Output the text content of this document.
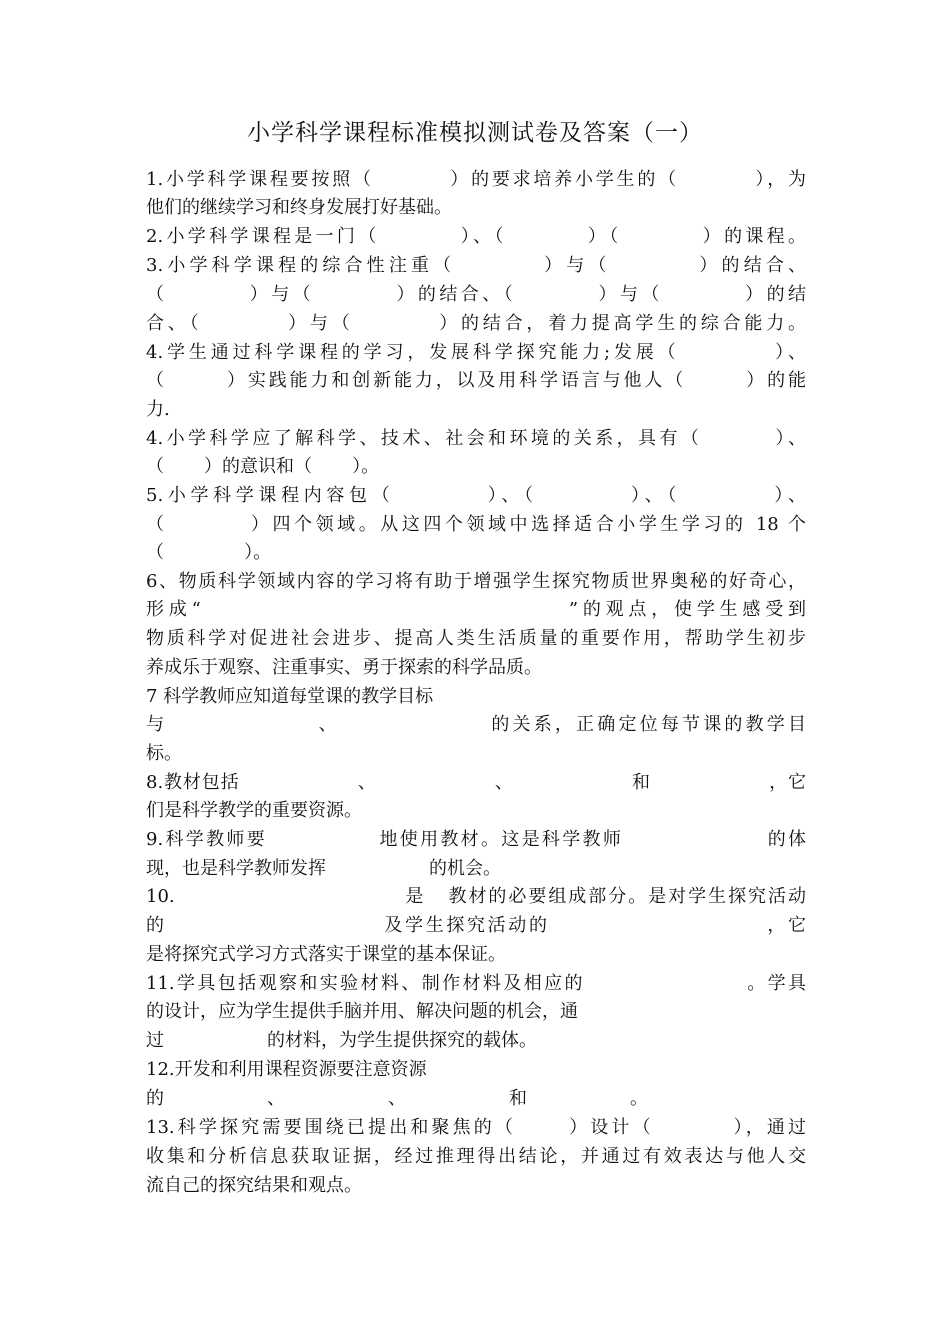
小学科学课程标准模拟测试卷及答案（一）
1.小学科学课程要按照（         ）的要求培养小学生的（         ），为
他们的继续学习和终身发展打好基础。
2.小学科学课程是一门（         ）、（         ）（         ）的课程。
3.小学科学课程的综合性注重（         ）与（         ）的结合、
（         ）与（         ）的结合、（         ）与（         ）的结
合、（         ）与（         ）的结合，着力提高学生的综合能力。
4.学生通过科学课程的学习，发展科学探究能力;发展（          ）、
（       ）实践能力和创新能力，以及用科学语言与他人（       ）的能
力.
4.小学科学应了解科学、技术、社会和环境的关系，具有（        ）、
（       ）的意识和（       ）。
5.小学科学课程内容包（         ）、（         ）、（         ）、
（         ）四个领域。从这四个领域中选择适合小学生学习的 18 个
（              ）。
6、物质科学领域内容的学习将有助于增强学生探究物质世界奥秘的好奇心，
形成“                                   ”的观点，使学生感受到
物质科学对促进社会进步、提高人类生活质量的重要作用，帮助学生初步
养成乐于观察、注重事实、勇于探索的科学品质。
7 科学教师应知道每堂课的教学目标
与                 、                 的关系，正确定位每节课的教学目
标。
8.教材包括                  、                  、                  和                  ，它
们是科学教学的重要资源。
9.科学教师要              地使用教材。这是科学教师                  的体
现，也是科学教师发挥                  的机会。
10.                              是   教材的必要组成部分。是对学生探究活动
的                          及学生探究活动的                          ，它
是将探究式学习方式落实于课堂的基本保证。
11.学具包括观察和实验材料、制作材料及相应的                    。学具
的设计，应为学生提供手脑并用、解决问题的机会，通
过                  的材料，为学生提供探究的载体。
12.开发和利用课程资源要注意资源
的                  、                  、                  和                  。
13.科学探究需要围绕已提出和聚焦的（      ）设计（         ），通过
收集和分析信息获取证据，经过推理得出结论，并通过有效表达与他人交
流自己的探究结果和观点。
